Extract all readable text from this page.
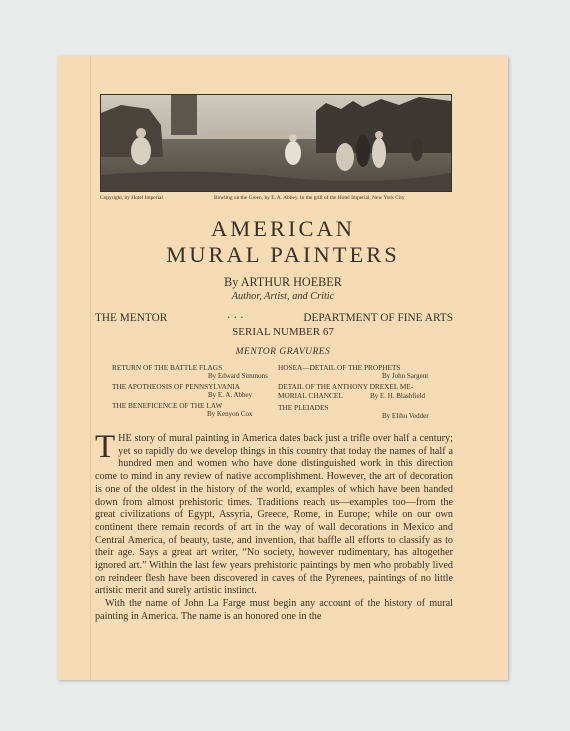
Copyright, by Hotel Imperial	Bowling on the Green, by E. A. Abbey. In the grill of the Hotel Imperial, New York City
AMERICAN
MURAL PAINTERS
By ARTHUR HOEBER
Author, Artist, and Critic
THE MENTOR	· · ·	DEPARTMENT OF FINE ARTS
SERIAL NUMBER 67
MENTOR GRAVURES
RETURN OF THE BATTLE FLAGS
By Edward Simmons
THE APOTHEOSIS OF PENNSYLVANIA
By E. A. Abbey
THE BENEFICENCE OF THE LAW
By Kenyon Cox
HOSEA—DETAIL OF THE PROPHETS
By John Sargent
DETAIL OF THE ANTHONY DREXEL ME-
MORIAL CHANCEL	By E. H. Blashfield
THE PLEIADES
By Elihu Vedder

THE story of mural painting in America dates back just a trifle over half a century; yet so rapidly do we develop things in this country that today the names of half a hundred men and women who have done distinguished work in this direction come to mind in any review of native accomplishment. However, the art of decoration is one of the oldest in the history of the world, examples of which have been handed down from almost prehistoric times. Traditions reach us—examples too—from the great civilizations of Egypt, Assyria, Greece, Rome, in Europe; while on our own continent there remain records of art in the way of wall decorations in Mexico and Central America, of beauty, taste, and invention, that baffle all efforts to classify as to their age. Says a great art writer, “No society, however rudimentary, has altogether ignored art.” Within the last few years prehistoric paintings by men who probably lived on reindeer flesh have been discovered in caves of the Pyrenees, paintings of no little artistic merit and surely artistic instinct.

With the name of John La Farge must begin any account of the history of mural painting in America. The name is an honored one in the
